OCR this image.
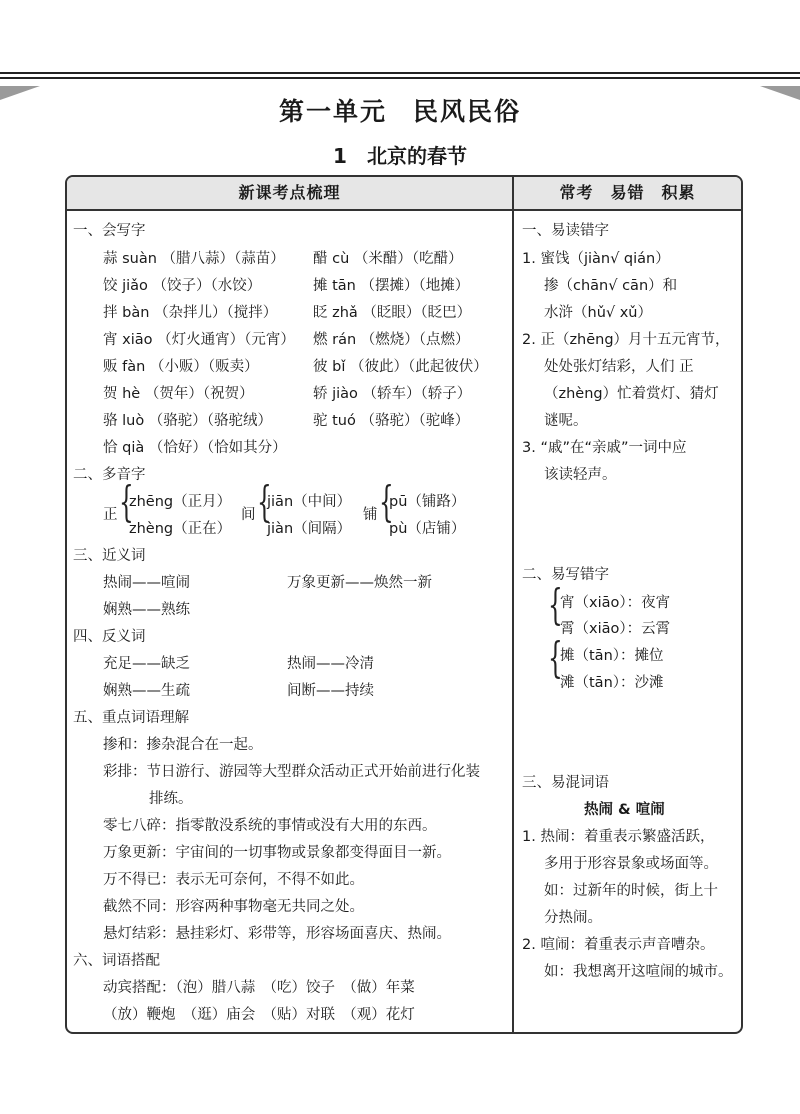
第一单元 民风民俗
1 北京的春节
新课考点梳理	常考　易错　积累
一、会写字
蒜 suàn （腊八蒜）（蒜苗） 醋 cù （米醋）（吃醋）
饺 jiǎo （饺子）（水饺）	摊 tān （摆摊）（地摊）
拌 bàn （杂拌儿）（搅拌） 眨 zhǎ （眨眼）（眨巴）
宵 xiāo （灯火通宵）（元宵） 燃 rán （燃烧）（点燃）
贩 fàn （小贩）（贩卖）	彼 bǐ （彼此）（此起彼伏）
贺 hè （贺年）（祝贺）	轿 jiào （轿车）（轿子）
骆 luò （骆驼）（骆驼绒）	驼 tuó （骆驼）（驼峰）
恰 qià （恰好）（恰如其分）
二、多音字
正 {
zhēng（正月）
zhèng（正在）
间 {
jiān（中间）
jiàn（间隔）
铺 {
pū（铺路）
pù（店铺）
三、近义词
热闹——喧闹	万象更新——焕然一新
娴熟——熟练
四、反义词
充足——缺乏	热闹——冷清
娴熟——生疏	间断——持续
五、重点词语理解
掺和：掺杂混合在一起。
彩排：节日游行、游园等大型群众活动正式开始前进行化装
排练。
零七八碎：指零散没系统的事情或没有大用的东西。
万象更新：宇宙间的一切事物或景象都变得面目一新。
万不得已：表示无可奈何，不得不如此。
截然不同：形容两种事物毫无共同之处。
悬灯结彩：悬挂彩灯、彩带等，形容场面喜庆、热闹。
六、词语搭配
动宾搭配：（泡）腊八蒜　（吃）饺子　（做）年菜
（放）鞭炮　（逛）庙会　（贴）对联　（观）花灯
一、易读错字
1. 蜜饯（jiàn√ qián）
掺（chān√ cān）和
水浒（hǔ√ xǔ）
2. 正（zhēng）月十五元宵节，
处处张灯结彩，人们 正
（zhèng）忙着赏灯、猜灯
谜呢。
3. “戚”在“亲戚”一词中应
该读轻声。
二、易写错字
{
宵（xiāo）：夜宵
霄（xiāo）：云霄
{
摊（tān）：摊位
滩（tān）：沙滩
三、易混词语
热闹 & 喧闹
1. 热闹：着重表示繁盛活跃，
多用于形容景象或场面等。
如：过新年的时候，街上十
分热闹。
2. 喧闹：着重表示声音嘈杂。
如：我想离开这喧闹的城市。
